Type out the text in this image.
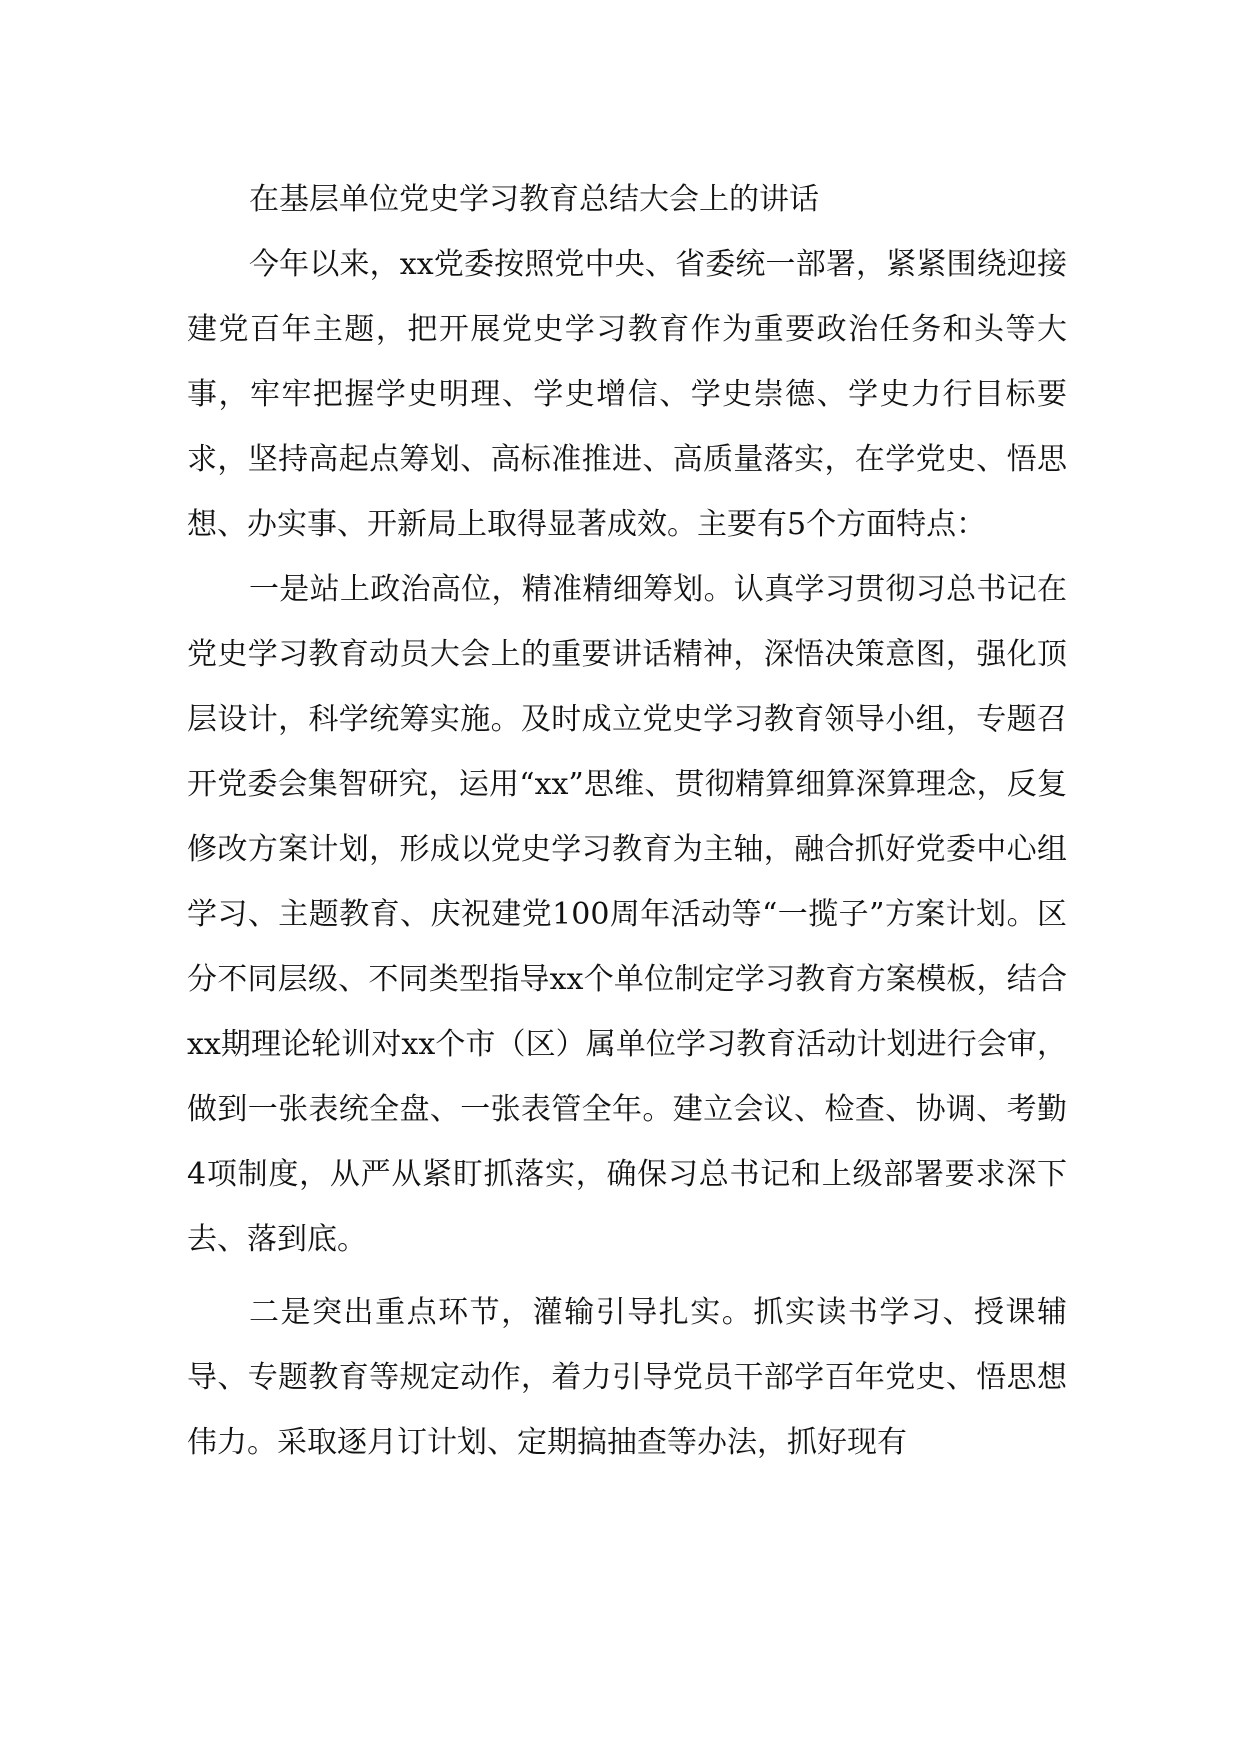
在基层单位党史学习教育总结大会上的讲话

今年以来，xx党委按照党中央、省委统一部署，紧紧围绕迎接建党百年主题，把开展党史学习教育作为重要政治任务和头等大事，牢牢把握学史明理、学史增信、学史崇德、学史力行目标要求，坚持高起点筹划、高标准推进、高质量落实，在学党史、悟思想、办实事、开新局上取得显著成效。主要有5个方面特点：

一是站上政治高位，精准精细筹划。认真学习贯彻习总书记在党史学习教育动员大会上的重要讲话精神，深悟决策意图，强化顶层设计，科学统筹实施。及时成立党史学习教育领导小组，专题召开党委会集智研究，运用“xx”思维、贯彻精算细算深算理念，反复修改方案计划，形成以党史学习教育为主轴，融合抓好党委中心组学习、主题教育、庆祝建党100周年活动等“一揽子”方案计划。区分不同层级、不同类型指导xx个单位制定学习教育方案模板，结合xx期理论轮训对xx个市（区）属单位学习教育活动计划进行会审，做到一张表统全盘、一张表管全年。建立会议、检查、协调、考勤4项制度，从严从紧盯抓落实，确保习总书记和上级部署要求深下去、落到底。

二是突出重点环节，灌输引导扎实。抓实读书学习、授课辅导、专题教育等规定动作，着力引导党员干部学百年党史、悟思想伟力。采取逐月订计划、定期搞抽查等办法，抓好现有
